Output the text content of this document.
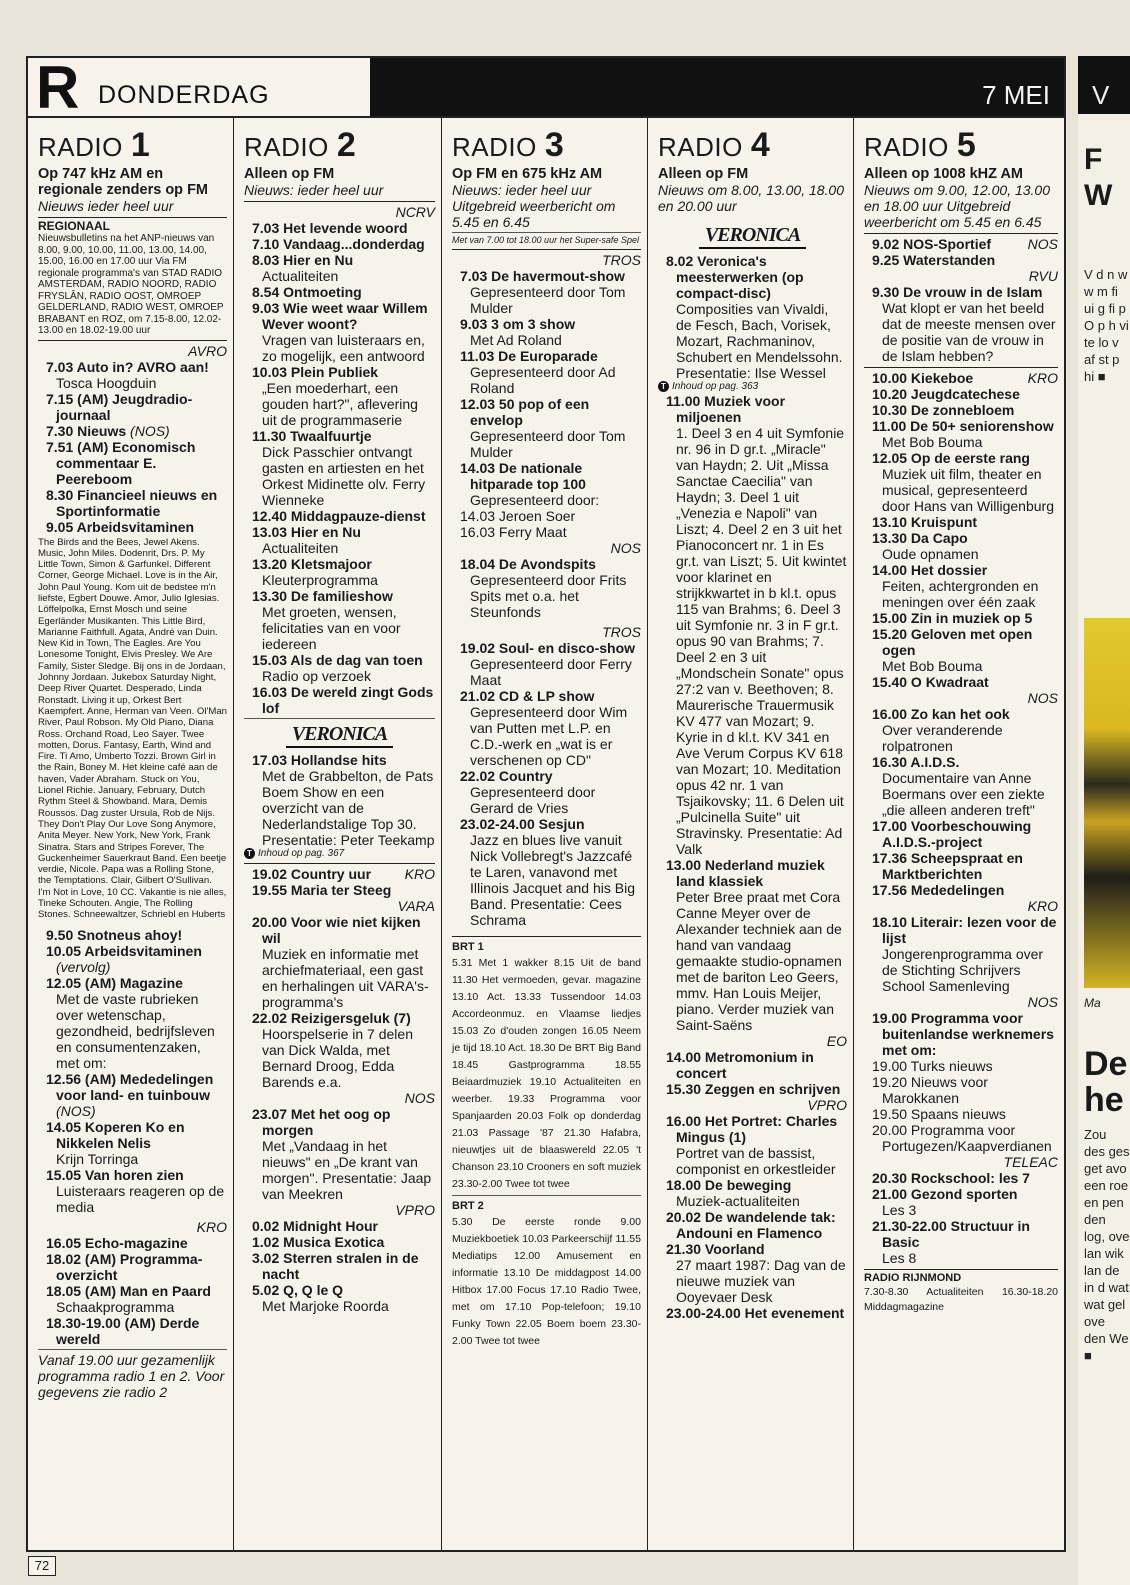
R DONDERDAG	7 MEI
RADIO 1
Op 747 kHz AM en regionale zenders op FM
Nieuws ieder heel uur
REGIONAAL
Nieuwsbulletins na het ANP-nieuws van 8.00, 9.00, 10.00, 11.00, 13.00, 14.00, 15.00, 16.00 en 17.00 uur Via FM regionale programma's van STAD RADIO AMSTERDAM, RADIO NOORD, RADIO FRYSLÂN, RADIO OOST, OMROEP GELDERLAND, RADIO WEST, OMROEP BRABANT en ROZ, om 7.15-8.00, 12.02-13.00 en 18.02-19.00 uur
AVRO
7.03 Auto in? AVRO aan!
Tosca Hoogduin
7.15 (AM) Jeugdradio-journaal
7.30 Nieuws (NOS)
7.51 (AM) Economisch commentaar E. Peereboom
8.30 Financieel nieuws en Sportinformatie
9.05 Arbeidsvitaminen
The Birds and the Bees, Jewel Akens. Music, John Miles. Dodenrit, Drs. P. My Little Town, Simon & Garfunkel. Different Corner, George Michael. Love is in the Air, John Paul Young. Kom uit de bedstee m'n liefste, Egbert Douwe. Amor, Julio Iglesias. Löffelpolka, Ernst Mosch und seine Egerländer Musikanten. This Little Bird, Marianne Faithfull. Agata, André van Duin. New Kid in Town, The Eagles. Are You Lonesome Tonight, Elvis Presley. We Are Family, Sister Sledge. Bij ons in de Jordaan, Johnny Jordaan. Jukebox Saturday Night, Deep River Quartet. Desperado, Linda Ronstadt. Living it up, Orkest Bert Kaempfert. Anne, Herman van Veen. Ol'Man River, Paul Robson. My Old Piano, Diana Ross. Orchand Road, Leo Sayer. Twee motten, Dorus. Fantasy, Earth, Wind and Fire. Ti Amo, Umberto Tozzi. Brown Girl in the Rain, Boney M. Het kleine café aan de haven, Vader Abraham. Stuck on You, Lionel Richie. January, February, Dutch Rythm Steel & Showband. Mara, Demis Roussos. Dag zuster Ursula, Rob de Nijs. They Don't Play Our Love Song Anymore, Anita Meyer. New York, New York, Frank Sinatra. Stars and Stripes Forever, The Guckenheimer Sauerkraut Band. Een beetje verdie, Nicole. Papa was a Rolling Stone, the Temptations. Clair, Gilbert O'Sullivan. I'm Not in Love, 10 CC. Vakantie is nie alles, Tineke Schouten. Angie, The Rolling Stones. Schneewaltzer, Schriebl en Huberts
9.50 Snotneus ahoy!
10.05 Arbeidsvitaminen
(vervolg)
12.05 (AM) Magazine
Met de vaste rubrieken over wetenschap, gezondheid, bedrijfsleven en consumentenzaken, met om:
12.56 (AM) Mededelingen voor land- en tuinbouw (NOS)
14.05 Koperen Ko en Nikkelen Nelis
Krijn Torringa
15.05 Van horen zien
Luisteraars reageren op de media
KRO
16.05 Echo-magazine
18.02 (AM) Programma-overzicht
18.05 (AM) Man en Paard
Schaakprogramma
18.30-19.00 (AM) Derde wereld
Vanaf 19.00 uur gezamenlijk programma radio 1 en 2. Voor gegevens zie radio 2
RADIO 2
Alleen op FM
Nieuws: ieder heel uur
NCRV
7.03 Het levende woord
7.10 Vandaag...donderdag
8.03 Hier en Nu
Actualiteiten
8.54 Ontmoeting
9.03 Wie weet waar Willem Wever woont?
Vragen van luisteraars en, zo mogelijk, een antwoord
10.03 Plein Publiek
„Een moederhart, een gouden hart?", aflevering uit de programmaserie
11.30 Twaalfuurtje
Dick Passchier ontvangt gasten en artiesten en het Orkest Midinette olv. Ferry Wienneke
12.40 Middagpauze-dienst
13.03 Hier en Nu
Actualiteiten
13.20 Kletsmajoor
Kleuterprogramma
13.30 De familieshow
Met groeten, wensen, felicitaties van en voor iedereen
15.03 Als de dag van toen
Radio op verzoek
16.03 De wereld zingt Gods lof
VERONICA
17.03 Hollandse hits
Met de Grabbelton, de Pats Boem Show en een overzicht van de Nederlandstalige Top 30. Presentatie: Peter Teekamp
T Inhoud op pag. 367
19.02 Country uur KRO
19.55 Maria ter Steeg
VARA
20.00 Voor wie niet kijken wil
Muziek en informatie met archiefmateriaal, een gast en herhalingen uit VARA's-programma's
22.02 Reizigersgeluk (7)
Hoorspelserie in 7 delen van Dick Walda, met Bernard Droog, Edda Barends e.a.
NOS
23.07 Met het oog op morgen
Met „Vandaag in het nieuws" en „De krant van morgen". Presentatie: Jaap van Meekren
VPRO
0.02 Midnight Hour
1.02 Musica Exotica
3.02 Sterren stralen in de nacht
5.02 Q, Q le Q
Met Marjoke Roorda
RADIO 3
Op FM en 675 kHz AM
Nieuws: ieder heel uur Uitgebreid weerbericht om 5.45 en 6.45
Met van 7.00 tot 18.00 uur het Super-safe Spel
TROS
7.03 De havermout-show
Gepresenteerd door Tom Mulder
9.03 3 om 3 show
Met Ad Roland
11.03 De Europarade
Gepresenteerd door Ad Roland
12.03 50 pop of een envelop
Gepresenteerd door Tom Mulder
14.03 De nationale hitparade top 100
Gepresenteerd door:
14.03 Jeroen Soer
16.03 Ferry Maat
NOS
18.04 De Avondspits
Gepresenteerd door Frits Spits met o.a. het Steunfonds
TROS
19.02 Soul- en disco-show
Gepresenteerd door Ferry Maat
21.02 CD & LP show
Gepresenteerd door Wim van Putten met L.P. en C.D.-werk en „wat is er verschenen op CD"
22.02 Country
Gepresenteerd door Gerard de Vries
23.02-24.00 Sesjun
Jazz en blues live vanuit Nick Vollebregt's Jazzcafé te Laren, vanavond met Illinois Jacquet and his Big Band. Presentatie: Cees Schrama
BRT 1
5.31 Met 1 wakker 8.15 Uit de band 11.30 Het vermoeden, gevar. magazine 13.10 Act. 13.33 Tussendoor 14.03 Accordeonmuz. en Vlaamse liedjes 15.03 Zo d'ouden zongen 16.05 Neem je tijd 18.10 Act. 18.30 De BRT Big Band 18.45 Gastprogramma 18.55 Beiaardmuziek 19.10 Actualiteiten en weerber. 19.33 Programma voor Spanjaarden 20.03 Folk op donderdag 21.03 Passage '87 21.30 Hafabra, nieuwtjes uit de blaaswereld 22.05 't Chanson 23.10 Crooners en soft muziek 23.30-2.00 Twee tot twee
BRT 2
5.30 De eerste ronde 9.00 Muziekboetiek 10.03 Parkeerschijf 11.55 Mediatips 12.00 Amusement en informatie 13.10 De middagpost 14.00 Hitbox 17.00 Focus 17.10 Radio Twee, met om 17.10 Pop-telefoon; 19.10 Funky Town 22.05 Boem boem 23.30-2.00 Twee tot twee
RADIO 4
Alleen op FM
Nieuws om 8.00, 13.00, 18.00 en 20.00 uur
VERONICA
8.02 Veronica's meesterwerken (op compact-disc)
Composities van Vivaldi, de Fesch, Bach, Vorisek, Mozart, Rachmaninov, Schubert en Mendelssohn. Presentatie: Ilse Wessel
T Inhoud op pag. 363
11.00 Muziek voor miljoenen
1. Deel 3 en 4 uit Symfonie nr. 96 in D gr.t. „Miracle" van Haydn; 2. Uit „Missa Sanctae Caecilia" van Haydn; 3. Deel 1 uit „Venezia e Napoli" van Liszt; 4. Deel 2 en 3 uit het Pianoconcert nr. 1 in Es gr.t. van Liszt; 5. Uit kwintet voor klarinet en strijkkwartet in b kl.t. opus 115 van Brahms; 6. Deel 3 uit Symfonie nr. 3 in F gr.t. opus 90 van Brahms; 7. Deel 2 en 3 uit „Mondschein Sonate" opus 27:2 van v. Beethoven; 8. Maurerische Trauermusik KV 477 van Mozart; 9. Kyrie in d kl.t. KV 341 en Ave Verum Corpus KV 618 van Mozart; 10. Meditation opus 42 nr. 1 van Tsjaikovsky; 11. 6 Delen uit „Pulcinella Suite" uit Stravinsky. Presentatie: Ad Valk
13.00 Nederland muziek land klassiek
Peter Bree praat met Cora Canne Meyer over de Alexander techniek aan de hand van vandaag gemaakte studio-opnamen met de bariton Leo Geers, mmv. Han Louis Meijer, piano. Verder muziek van Saint-Saëns
EO
14.00 Metromonium in concert
15.30 Zeggen en schrijven
VPRO
16.00 Het Portret: Charles Mingus (1)
Portret van de bassist, componist en orkestleider
18.00 De beweging
Muziek-actualiteiten
20.02 De wandelende tak: Andouni en Flamenco
21.30 Voorland
27 maart 1987: Dag van de nieuwe muziek van Ooyevaer Desk
23.00-24.00 Het evenement
RADIO 5
Alleen op 1008 kHZ AM
Nieuws om 9.00, 12.00, 13.00 en 18.00 uur Uitgebreid weerbericht om 5.45 en 6.45
9.02 NOS-Sportief	NOS
9.25 Waterstanden
RVU
9.30 De vrouw in de Islam
Wat klopt er van het beeld dat de meeste mensen over de positie van de vrouw in de Islam hebben?
10.00 Kiekeboe	KRO
10.20 Jeugdcatechese
10.30 De zonnebloem
11.00 De 50+ seniorenshow
Met Bob Bouma
12.05 Op de eerste rang
Muziek uit film, theater en musical, gepresenteerd door Hans van Willigenburg
13.10 Kruispunt
13.30 Da Capo
Oude opnamen
14.00 Het dossier
Feiten, achtergronden en meningen over één zaak
15.00 Zin in muziek op 5
15.20 Geloven met open ogen
Met Bob Bouma
15.40 O Kwadraat
NOS
16.00 Zo kan het ook
Over veranderende rolpatronen
16.30 A.I.D.S.
Documentaire van Anne Boermans over een ziekte „die alleen anderen treft"
17.00 Voorbeschouwing A.I.D.S.-project
17.36 Scheepspraat en Marktberichten
17.56 Mededelingen
KRO
18.10 Literair: lezen voor de lijst
Jongerenprogramma over de Stichting Schrijvers School Samenleving
NOS
19.00 Programma voor buitenlandse werknemers met om:
19.00 Turks nieuws
19.20 Nieuws voor Marokkanen
19.50 Spaans nieuws
20.00 Programma voor Portugezen/Kaapverdianen
TELEAC
20.30 Rockschool: les 7
21.00 Gezond sporten
Les 3
21.30-22.00 Structuur in Basic
Les 8
RADIO RIJNMOND
7.30-8.30 Actualiteiten 16.30-18.20 Middagmagazine
72
V
F W
V d n w w m fi ui g fi p O p h vi te lo v af st p hi ■
Ma
De he
Zou des ges get avo een roe en pen den log, ove lan wik lan de in d wat wat gel ove den We ■
